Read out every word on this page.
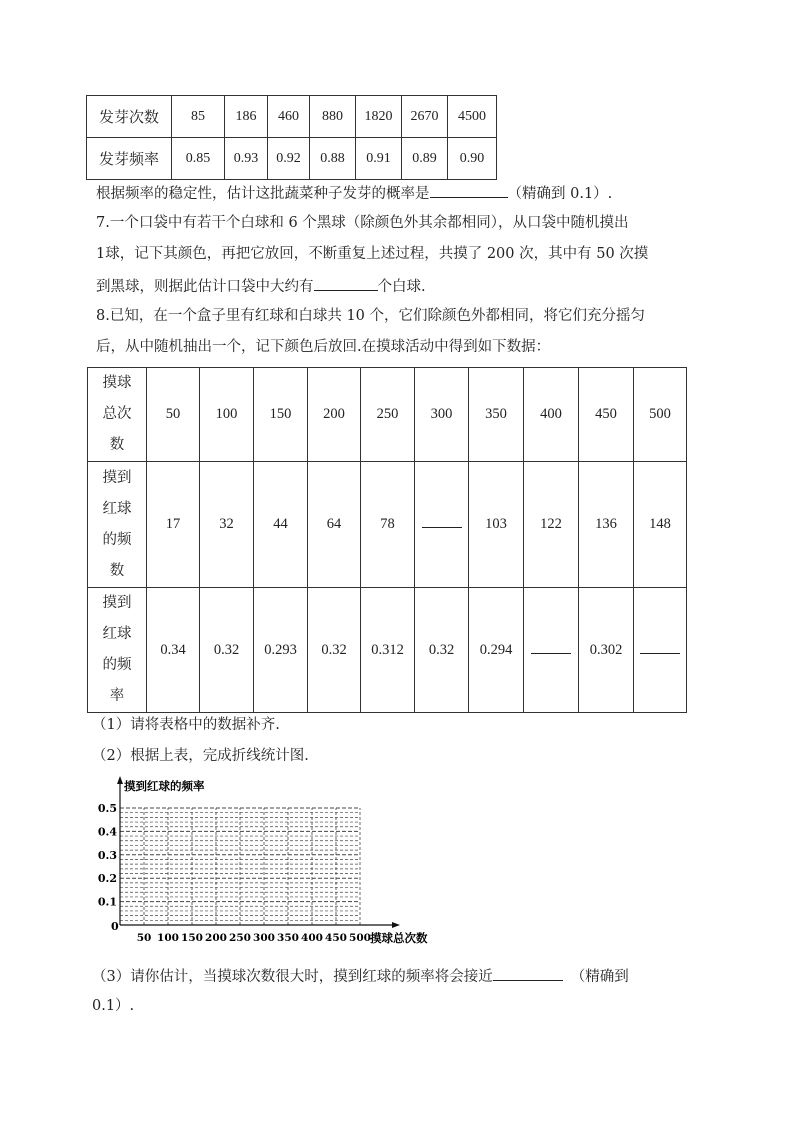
发芽次数	85	186	460	880	1820	2670	4500
发芽频率	0.85	0.93	0.92	0.88	0.91	0.89	0.90
根据频率的稳定性，估计这批蔬菜种子发芽的概率是	（精确到 0.1）.
7.一个口袋中有若干个白球和 6 个黑球（除颜色外其余都相同），从口袋中随机摸出
1球，记下其颜色，再把它放回，不断重复上述过程，共摸了 200 次，其中有 50 次摸
到黑球，则据此估计口袋中大约有	个白球.
8.已知，在一个盒子里有红球和白球共 10 个，它们除颜色外都相同，将它们充分摇匀
后，从中随机抽出一个，记下颜色后放回.在摸球活动中得到如下数据：
摸球
总次
数	50	100	150	200	250	300	350	400	450	500

摸到
红球
的频
数	17	32	44	64	78		103	122	136	148

摸到
红球
的频
率	0.34	0.32	0.293	0.32	0.312	0.32	0.294		0.302	
（1）请将表格中的数据补齐.
（2）根据上表，完成折线统计图.
0.1
0.2
0.3
0.4
0.5
50 100 150 200 250 300 350 400 450 500
摸到红球的频率
摸球总次数
0
（3）请你估计，当摸球次数很大时，摸到红球的频率将会接近	（精确到
0.1）.
